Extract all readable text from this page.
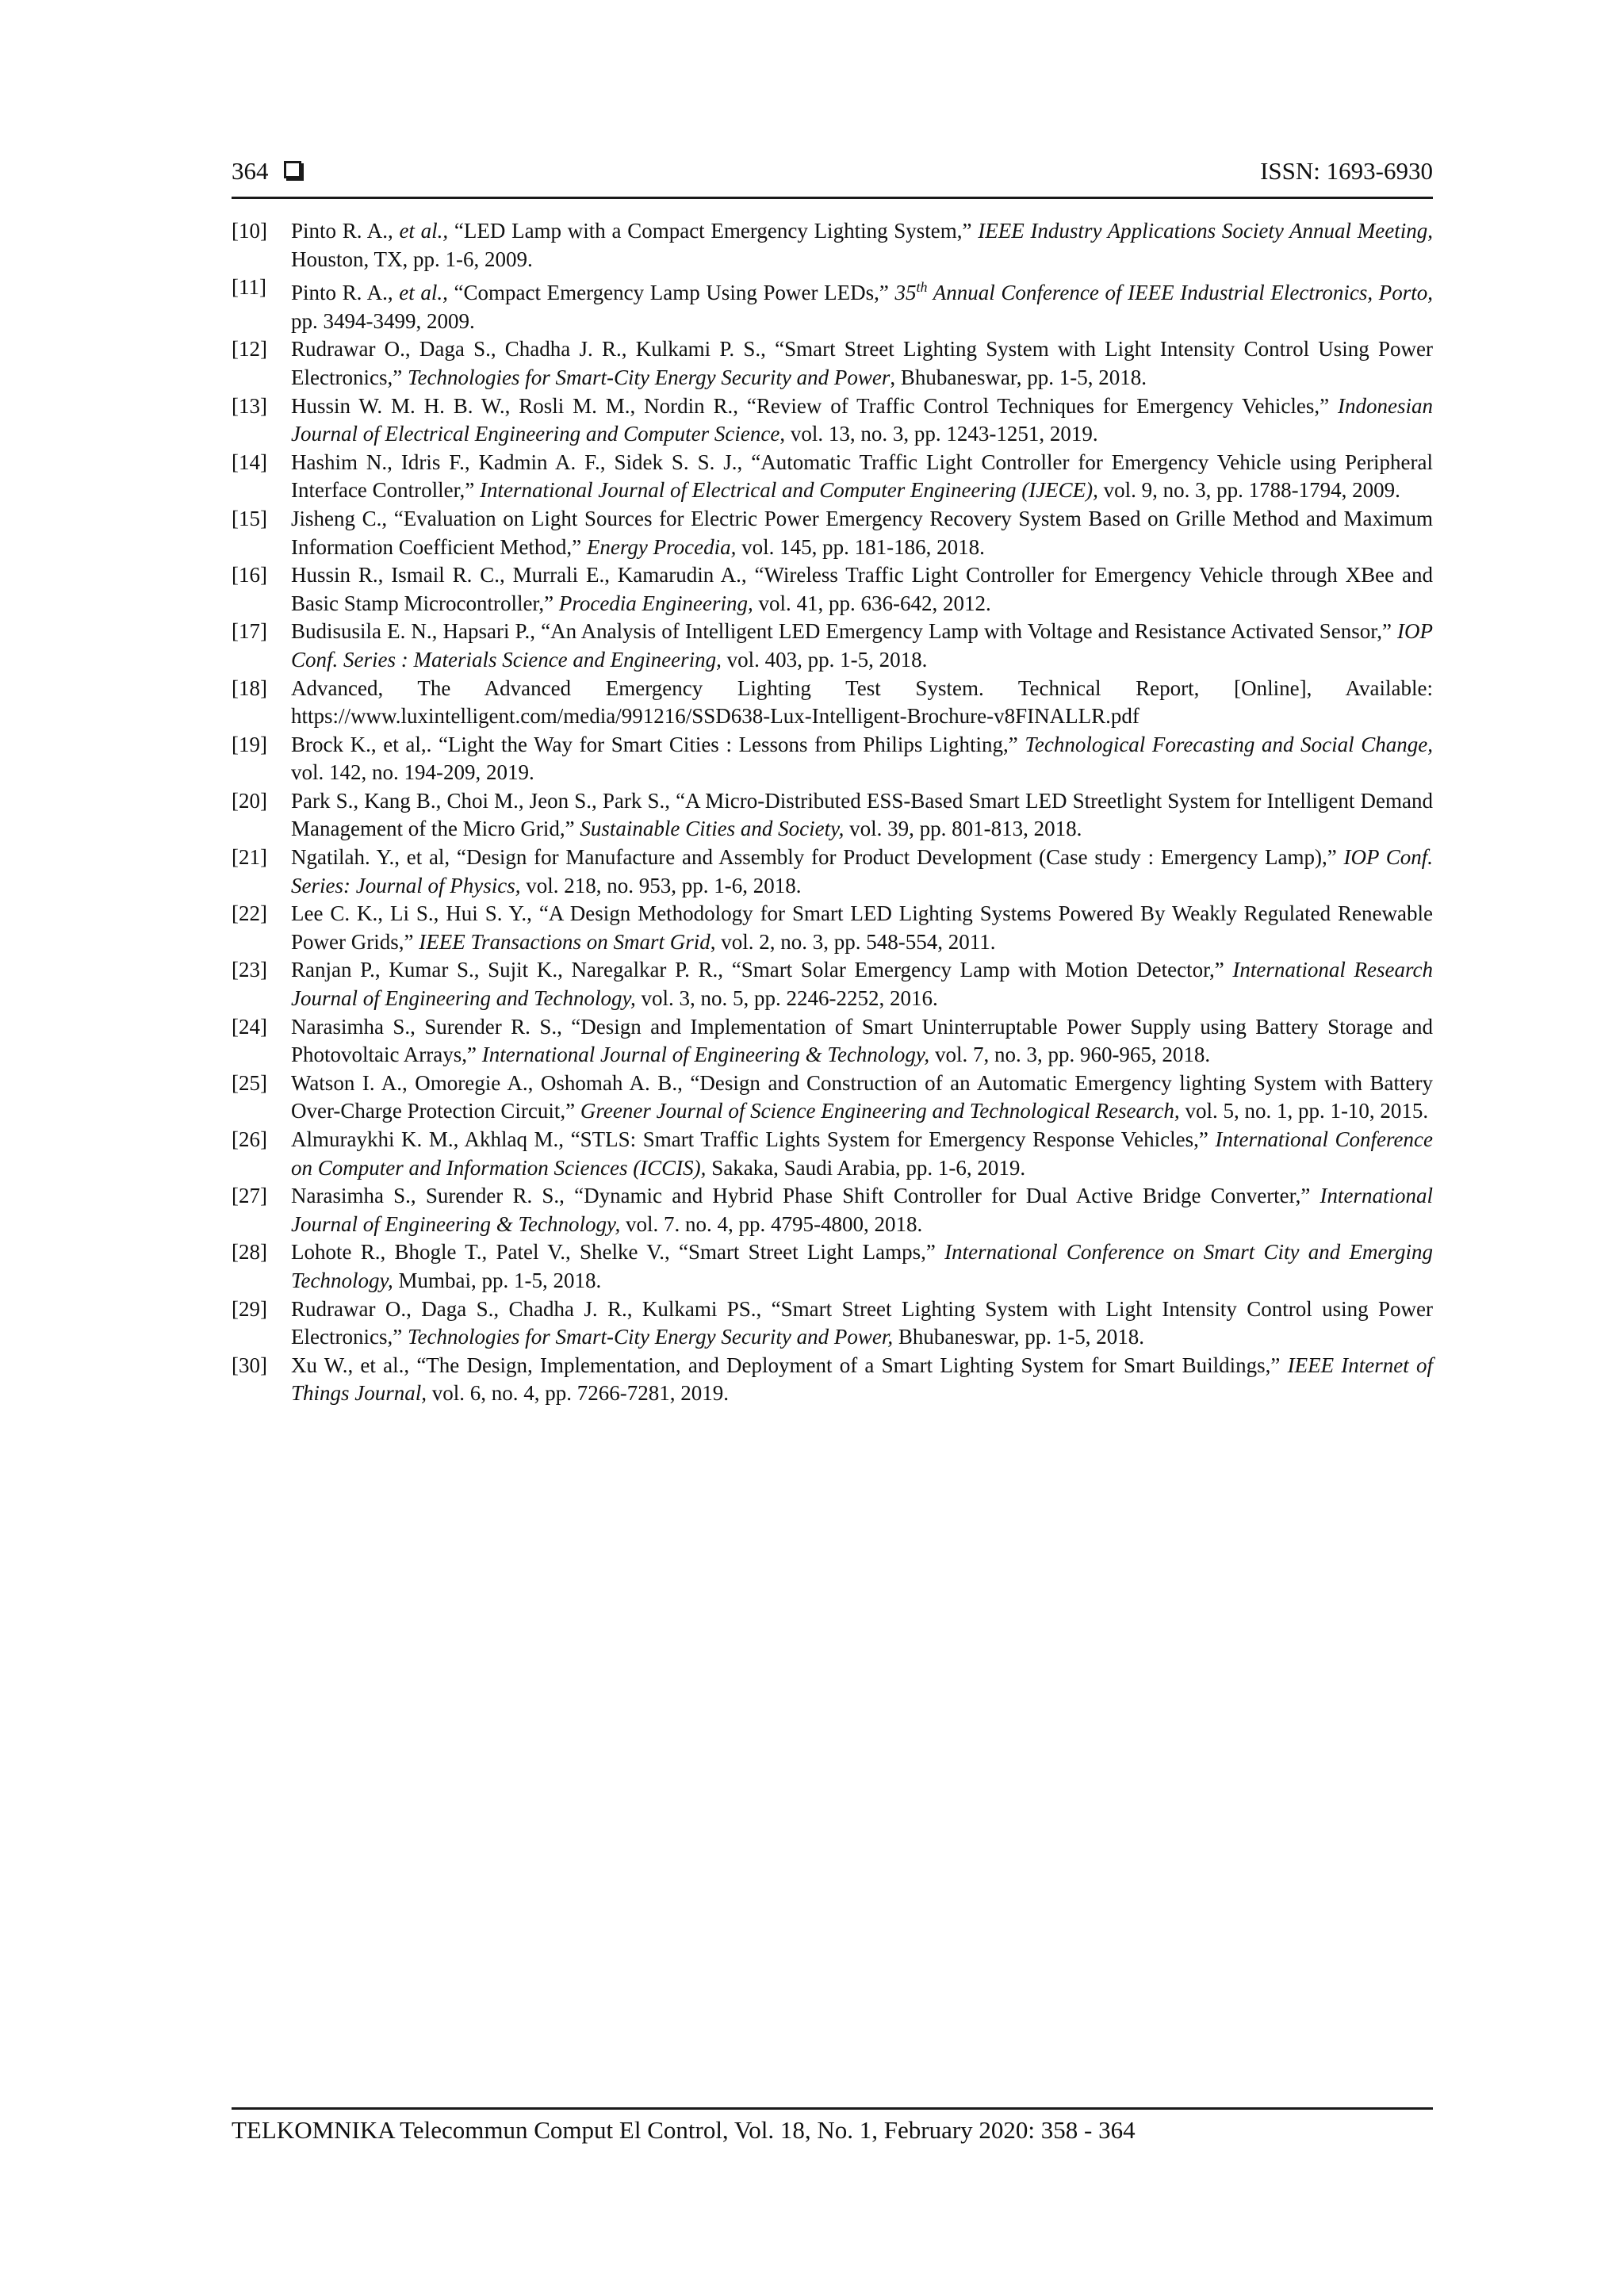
364	ISSN: 1693-6930
[10]	Pinto R. A., et al., “LED Lamp with a Compact Emergency Lighting System,” IEEE Industry Applications Society Annual Meeting, Houston, TX, pp. 1-6, 2009.
[11]	Pinto R. A., et al., “Compact Emergency Lamp Using Power LEDs,” 35th Annual Conference of IEEE Industrial Electronics, Porto, pp. 3494-3499, 2009.
[12]	Rudrawar O., Daga S., Chadha J. R., Kulkami P. S., “Smart Street Lighting System with Light Intensity Control Using Power Electronics,” Technologies for Smart-City Energy Security and Power, Bhubaneswar, pp. 1-5, 2018.
[13]	Hussin W. M. H. B. W., Rosli M. M., Nordin R., “Review of Traffic Control Techniques for Emergency Vehicles,” Indonesian Journal of Electrical Engineering and Computer Science, vol. 13, no. 3, pp. 1243-1251, 2019.
[14]	Hashim N., Idris F., Kadmin A. F., Sidek S. S. J., “Automatic Traffic Light Controller for Emergency Vehicle using Peripheral Interface Controller,” International Journal of Electrical and Computer Engineering (IJECE), vol. 9, no. 3, pp. 1788-1794, 2009.
[15]	Jisheng C., “Evaluation on Light Sources for Electric Power Emergency Recovery System Based on Grille Method and Maximum Information Coefficient Method,” Energy Procedia, vol. 145, pp. 181-186, 2018.
[16]	Hussin R., Ismail R. C., Murrali E., Kamarudin A., “Wireless Traffic Light Controller for Emergency Vehicle through XBee and Basic Stamp Microcontroller,” Procedia Engineering, vol. 41, pp. 636-642, 2012.
[17]	Budisusila E. N., Hapsari P., “An Analysis of Intelligent LED Emergency Lamp with Voltage and Resistance Activated Sensor,” IOP Conf. Series : Materials Science and Engineering, vol. 403, pp. 1-5, 2018.
[18]	Advanced, The Advanced Emergency Lighting Test System. Technical Report, [Online], Available: https://www.luxintelligent.com/media/991216/SSD638-Lux-Intelligent-Brochure-v8FINALLR.pdf
[19]	Brock K., et al,. “Light the Way for Smart Cities : Lessons from Philips Lighting,” Technological Forecasting and Social Change, vol. 142, no. 194-209, 2019.
[20]	Park S., Kang B., Choi M., Jeon S., Park S., “A Micro-Distributed ESS-Based Smart LED Streetlight System for Intelligent Demand Management of the Micro Grid,” Sustainable Cities and Society, vol. 39, pp. 801-813, 2018.
[21]	Ngatilah. Y., et al, “Design for Manufacture and Assembly for Product Development (Case study : Emergency Lamp),” IOP Conf. Series: Journal of Physics, vol. 218, no. 953, pp. 1-6, 2018.
[22]	Lee C. K., Li S., Hui S. Y., “A Design Methodology for Smart LED Lighting Systems Powered By Weakly Regulated Renewable Power Grids,” IEEE Transactions on Smart Grid, vol. 2, no. 3, pp. 548-554, 2011.
[23]	Ranjan P., Kumar S., Sujit K., Naregalkar P. R., “Smart Solar Emergency Lamp with Motion Detector,” International Research Journal of Engineering and Technology, vol. 3, no. 5, pp. 2246-2252, 2016.
[24]	Narasimha S., Surender R. S., “Design and Implementation of Smart Uninterruptable Power Supply using Battery Storage and Photovoltaic Arrays,” International Journal of Engineering & Technology, vol. 7, no. 3, pp. 960-965, 2018.
[25]	Watson I. A., Omoregie A., Oshomah A. B., “Design and Construction of an Automatic Emergency lighting System with Battery Over-Charge Protection Circuit,” Greener Journal of Science Engineering and Technological Research, vol. 5, no. 1, pp. 1-10, 2015.
[26]	Almuraykhi K. M., Akhlaq M., “STLS: Smart Traffic Lights System for Emergency Response Vehicles,” International Conference on Computer and Information Sciences (ICCIS), Sakaka, Saudi Arabia, pp. 1-6, 2019.
[27]	Narasimha S., Surender R. S., “Dynamic and Hybrid Phase Shift Controller for Dual Active Bridge Converter,” International Journal of Engineering & Technology, vol. 7. no. 4, pp. 4795-4800, 2018.
[28]	Lohote R., Bhogle T., Patel V., Shelke V., “Smart Street Light Lamps,” International Conference on Smart City and Emerging Technology, Mumbai, pp. 1-5, 2018.
[29]	Rudrawar O., Daga S., Chadha J. R., Kulkami PS., “Smart Street Lighting System with Light Intensity Control using Power Electronics,” Technologies for Smart-City Energy Security and Power, Bhubaneswar, pp. 1-5, 2018.
[30]	Xu W., et al., “The Design, Implementation, and Deployment of a Smart Lighting System for Smart Buildings,” IEEE Internet of Things Journal, vol. 6, no. 4, pp. 7266-7281, 2019.
TELKOMNIKA Telecommun Comput El Control, Vol. 18, No. 1, February 2020: 358 - 364
